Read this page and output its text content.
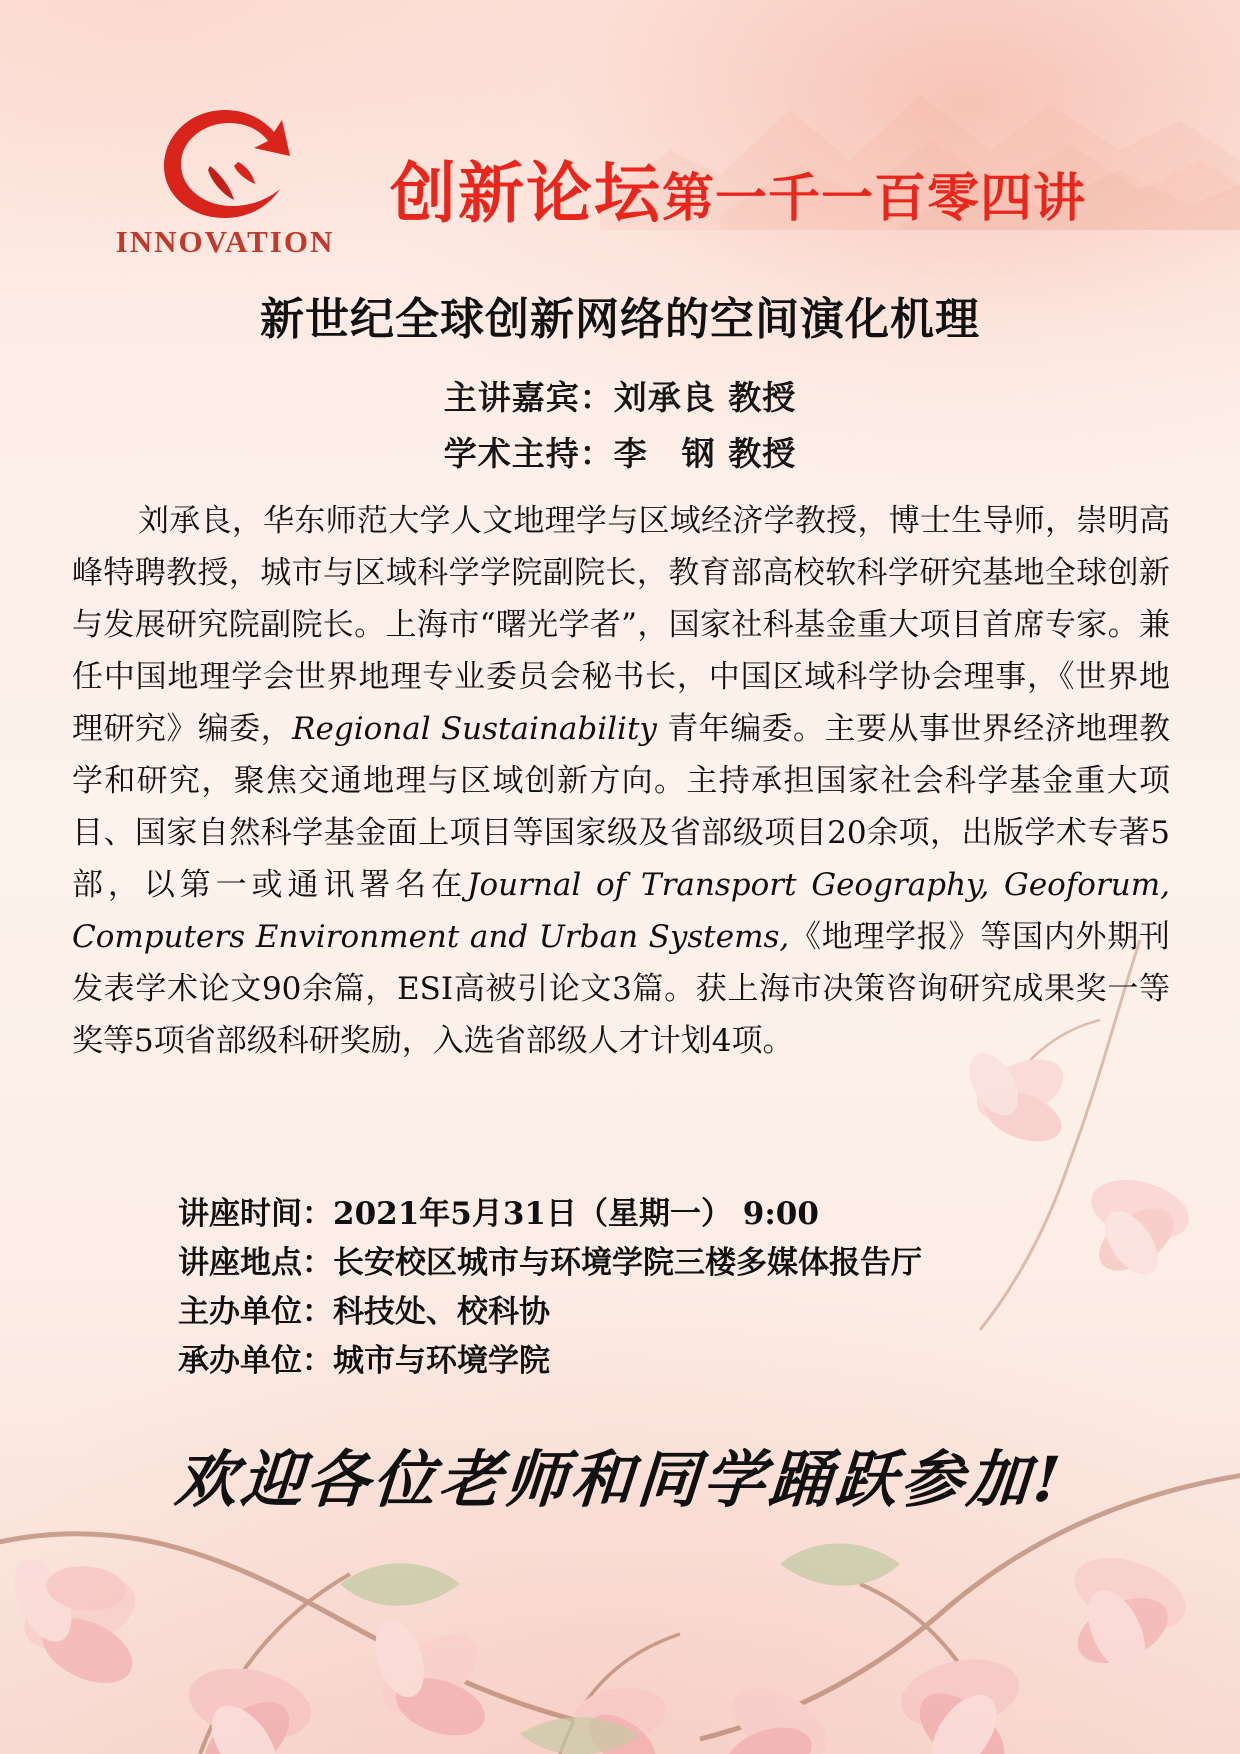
INNOVATION
创新论坛第一千一百零四讲
新世纪全球创新网络的空间演化机理
主讲嘉宾：刘承良 教授
学术主持：李　钢 教授
刘承良，华东师范大学人文地理学与区域经济学教授，博士生导师，崇明高峰特聘教授，城市与区域科学学院副院长，教育部高校软科学研究基地全球创新与发展研究院副院长。上海市“曙光学者”，国家社科基金重大项目首席专家。兼任中国地理学会世界地理专业委员会秘书长，中国区域科学协会理事，《世界地理研究》编委，Regional Sustainability 青年编委。主要从事世界经济地理教学和研究，聚焦交通地理与区域创新方向。主持承担国家社会科学基金重大项目、国家自然科学基金面上项目等国家级及省部级项目20余项，出版学术专著5部，以第一或通讯署名在Journal of Transport Geography, Geoforum, Computers Environment and Urban Systems,《地理学报》等国内外期刊发表学术论文90余篇，ESI高被引论文3篇。获上海市决策咨询研究成果奖一等奖等5项省部级科研奖励，入选省部级人才计划4项。
讲座时间：2021年5月31日（星期一） 9:00
讲座地点：长安校区城市与环境学院三楼多媒体报告厅
主办单位：科技处、校科协
承办单位：城市与环境学院
欢迎各位老师和同学踊跃参加!
